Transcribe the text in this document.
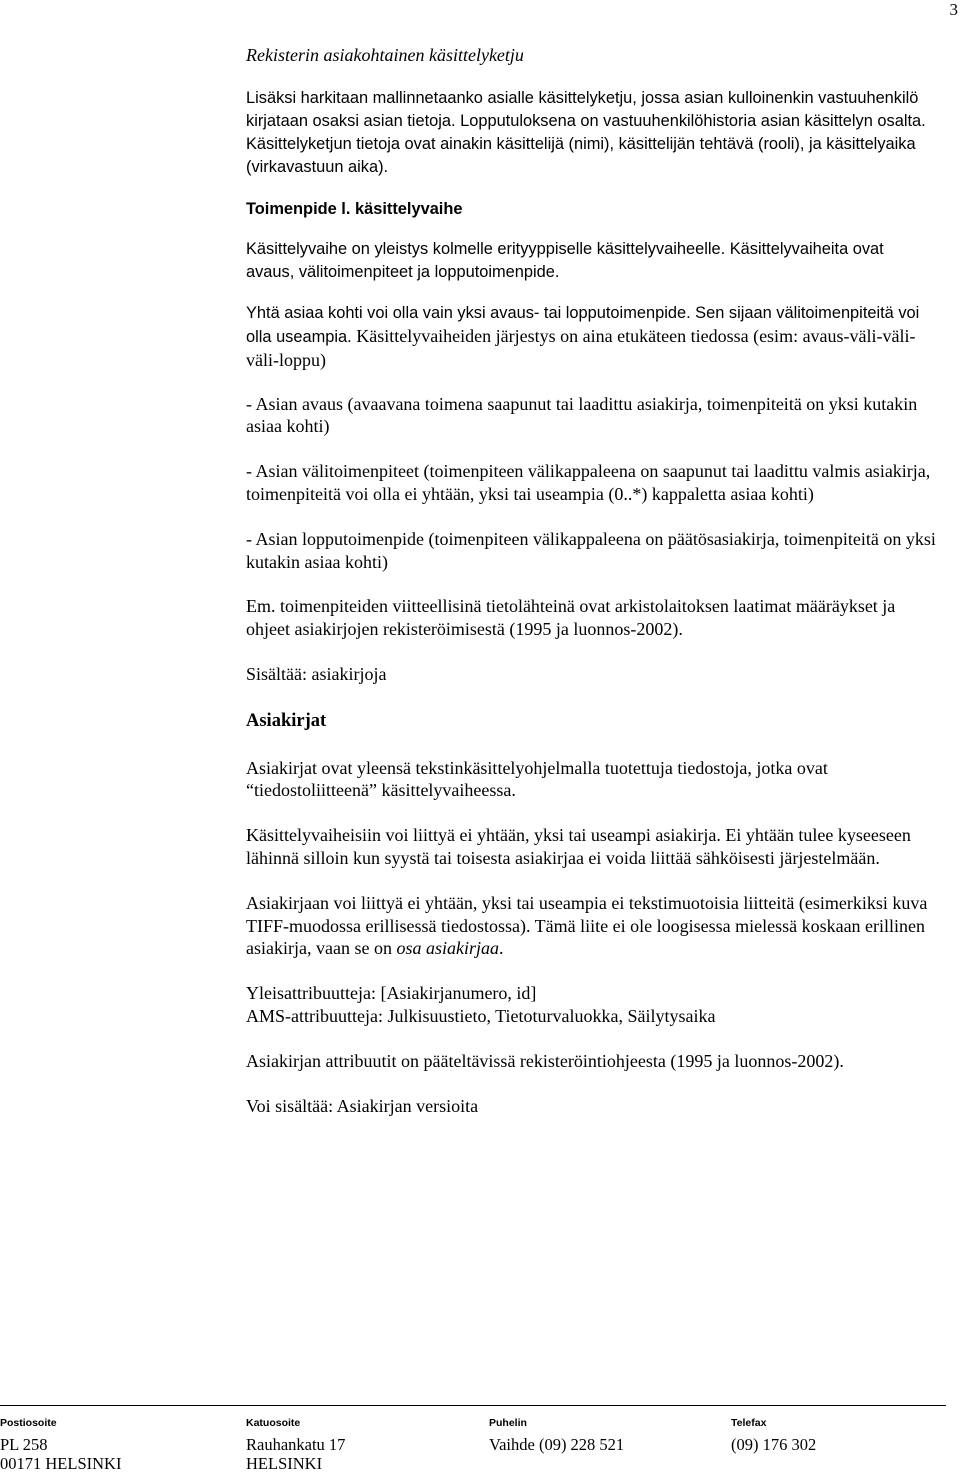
3

Rekisterin asiakohtainen käsittelyketju

Lisäksi harkitaan mallinnetaanko asialle käsittelyketju, jossa asian kulloinenkin vastuuhenkilö kirjataan osaksi asian tietoja. Lopputuloksena on vastuuhenkilöhistoria asian käsittelyn osalta. Käsittelyketjun tietoja ovat ainakin käsittelijä (nimi), käsittelijän tehtävä (rooli), ja käsittelyaika (virkavastuun aika).

Toimenpide l. käsittelyvaihe

Käsittelyvaihe on yleistys kolmelle erityyppiselle käsittelyvaiheelle. Käsittelyvaiheita ovat avaus, välitoimenpiteet ja lopputoimenpide.

Yhtä asiaa kohti voi olla vain yksi avaus- tai lopputoimenpide. Sen sijaan välitoimenpiteitä voi olla useampia. Käsittelyvaiheiden järjestys on aina etukäteen tiedossa (esim: avaus-väli-väli-väli-loppu)

- Asian avaus (avaavana toimena saapunut tai laadittu asiakirja, toimenpiteitä on yksi kutakin asiaa kohti)

- Asian välitoimenpiteet (toimenpiteen välikappaleena on saapunut tai laadittu valmis asiakirja, toimenpiteitä voi olla ei yhtään, yksi tai useampia (0..*) kappaletta asiaa kohti)

- Asian lopputoimenpide (toimenpiteen välikappaleena on päätösasiakirja, toimenpiteitä on yksi kutakin asiaa kohti)

Em. toimenpiteiden viitteellisinä tietolähteinä ovat arkistolaitoksen laatimat määräykset ja ohjeet asiakirjojen rekisteröimisestä (1995 ja luonnos-2002).

Sisältää: asiakirjoja

Asiakirjat

Asiakirjat ovat yleensä tekstinkäsittelyohjelmalla tuotettuja tiedostoja, jotka ovat “tiedostoliitteenä” käsittelyvaiheessa.

Käsittelyvaiheisiin voi liittyä ei yhtään, yksi tai useampi asiakirja. Ei yhtään tulee kyseeseen lähinnä silloin kun syystä tai toisesta asiakirjaa ei voida liittää sähköisesti järjestelmään.

Asiakirjaan voi liittyä ei yhtään, yksi tai useampia ei tekstimuotoisia liitteitä (esimerkiksi kuva TIFF-muodossa erillisessä tiedostossa). Tämä liite ei ole loogisessa mielessä koskaan erillinen asiakirja, vaan se on osa asiakirjaa.

Yleisattribuutteja: [Asiakirjanumero, id]

AMS-attribuutteja: Julkisuustieto, Tietoturvaluokka, Säilytysaika

Asiakirjan attribuutit on pääteltävissä rekisteröintiohjeesta (1995 ja luonnos-2002).

Voi sisältää: Asiakirjan versioita

Postiosoite
PL 258
00171 HELSINKI
Katuosoite
Rauhankatu 17
HELSINKI
Puhelin
Vaihde (09) 228 521
Telefax
(09) 176 302
